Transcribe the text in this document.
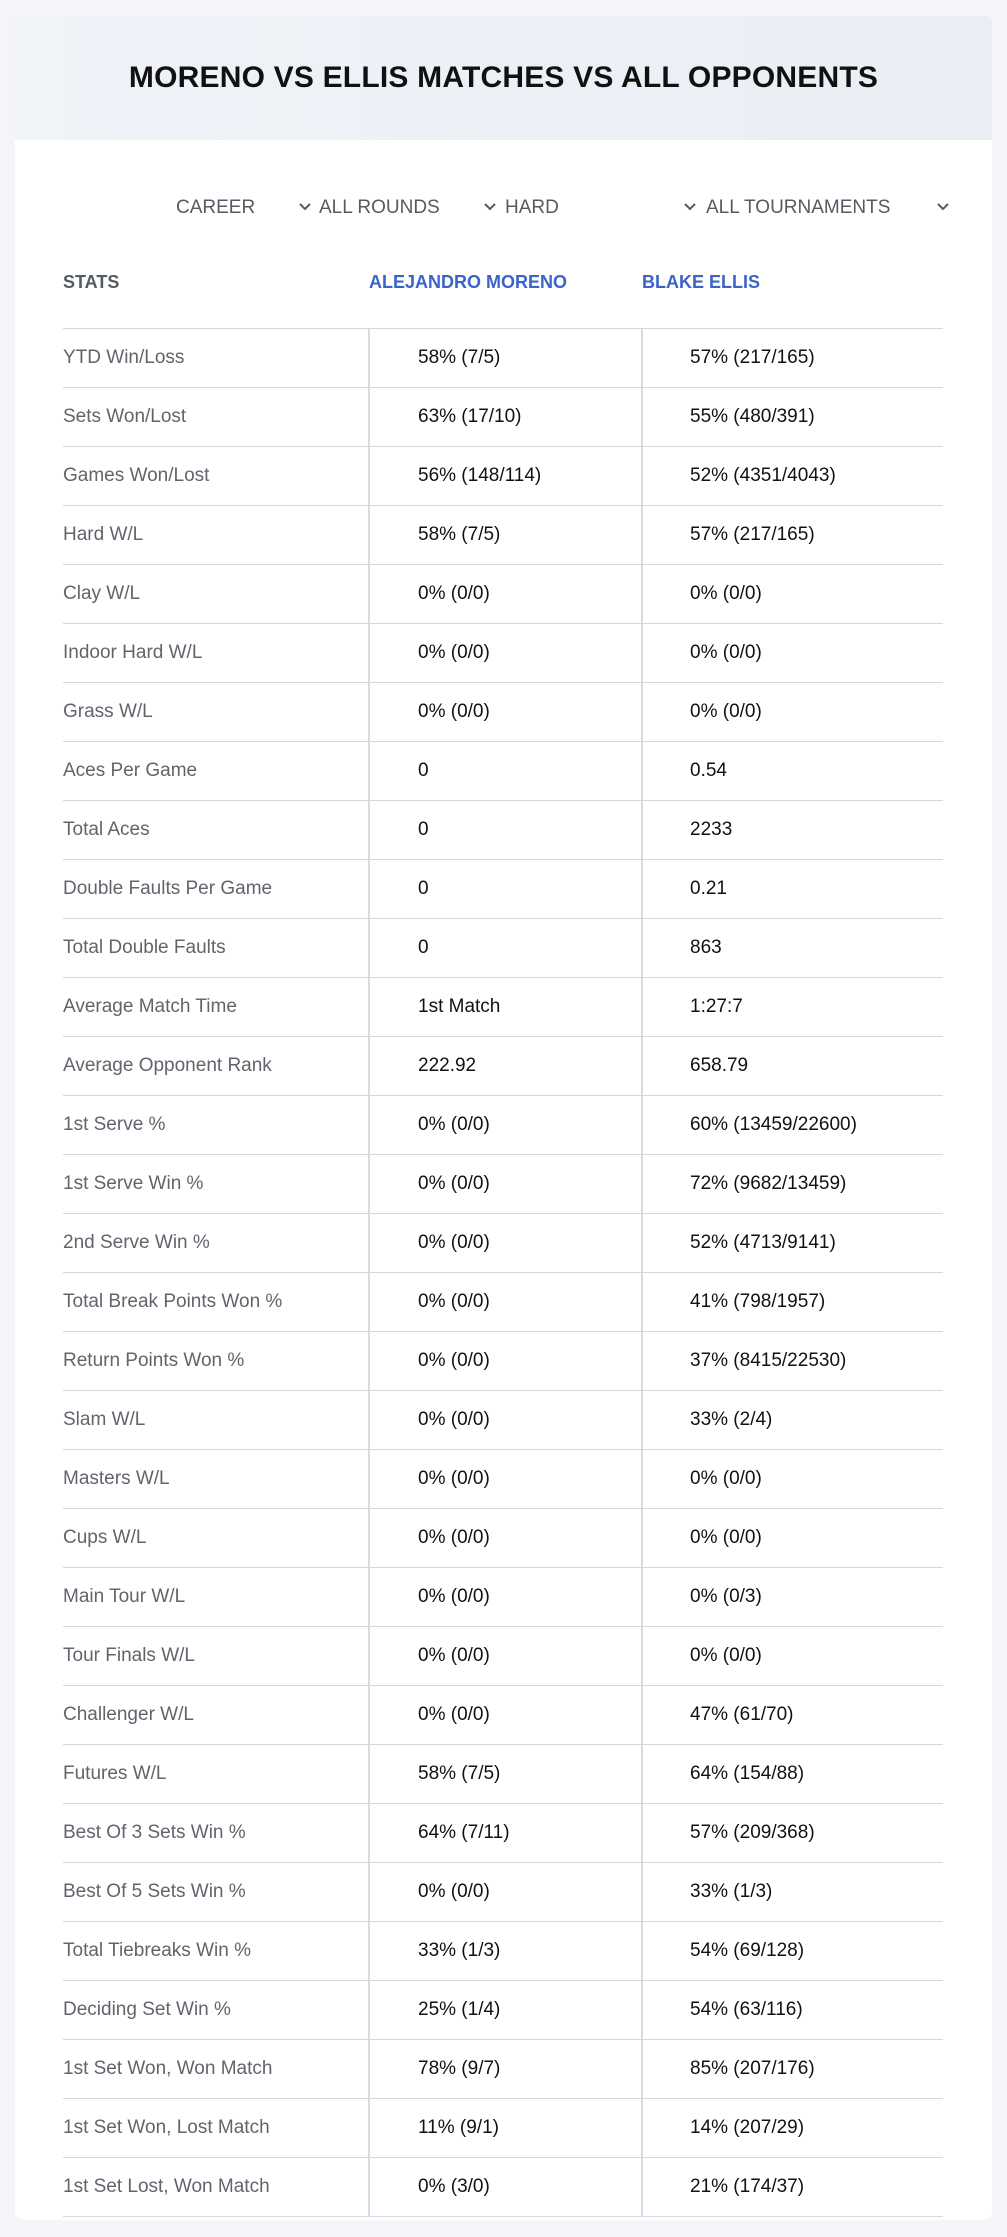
MORENO VS ELLIS MATCHES VS ALL OPPONENTS
CAREER	ALL ROUNDS	HARD	ALL TOURNAMENTS
STATS	ALEJANDRO MORENO	BLAKE ELLIS
YTD Win/Loss	58% (7/5)	57% (217/165)
Sets Won/Lost	63% (17/10)	55% (480/391)
Games Won/Lost	56% (148/114)	52% (4351/4043)
Hard W/L	58% (7/5)	57% (217/165)
Clay W/L	0% (0/0)	0% (0/0)
Indoor Hard W/L	0% (0/0)	0% (0/0)
Grass W/L	0% (0/0)	0% (0/0)
Aces Per Game	0	0.54
Total Aces	0	2233
Double Faults Per Game	0	0.21
Total Double Faults	0	863
Average Match Time	1st Match	1:27:7
Average Opponent Rank	222.92	658.79
1st Serve %	0% (0/0)	60% (13459/22600)
1st Serve Win %	0% (0/0)	72% (9682/13459)
2nd Serve Win %	0% (0/0)	52% (4713/9141)
Total Break Points Won %	0% (0/0)	41% (798/1957)
Return Points Won %	0% (0/0)	37% (8415/22530)
Slam W/L	0% (0/0)	33% (2/4)
Masters W/L	0% (0/0)	0% (0/0)
Cups W/L	0% (0/0)	0% (0/0)
Main Tour W/L	0% (0/0)	0% (0/3)
Tour Finals W/L	0% (0/0)	0% (0/0)
Challenger W/L	0% (0/0)	47% (61/70)
Futures W/L	58% (7/5)	64% (154/88)
Best Of 3 Sets Win %	64% (7/11)	57% (209/368)
Best Of 5 Sets Win %	0% (0/0)	33% (1/3)
Total Tiebreaks Win %	33% (1/3)	54% (69/128)
Deciding Set Win %	25% (1/4)	54% (63/116)
1st Set Won, Won Match	78% (9/7)	85% (207/176)
1st Set Won, Lost Match	11% (9/1)	14% (207/29)
1st Set Lost, Won Match	0% (3/0)	21% (174/37)
